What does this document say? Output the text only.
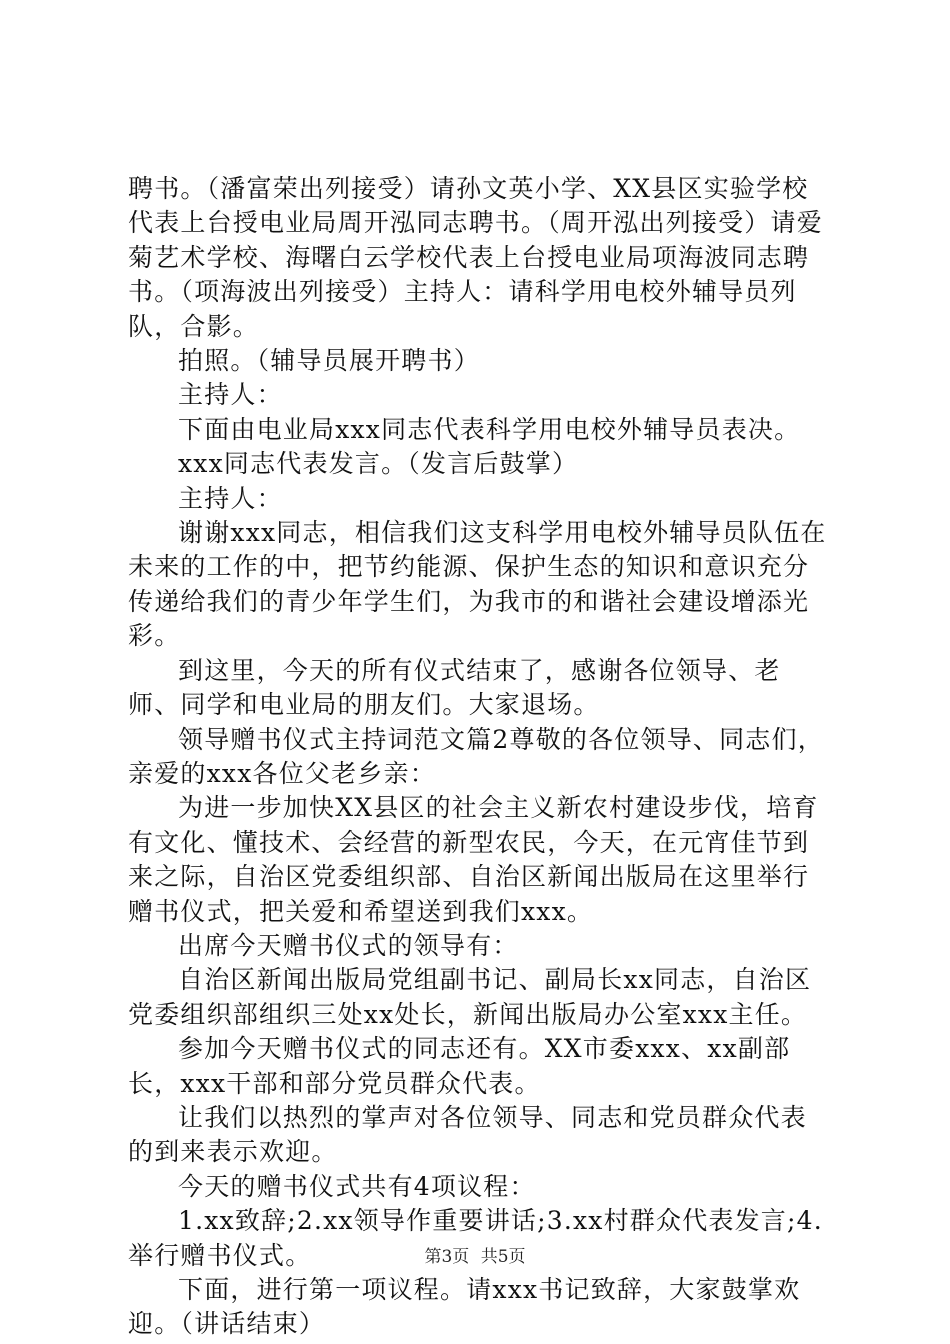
聘书。（潘富荣出列接受）请孙文英小学、XX县区实验学校代表上台授电业局周开泓同志聘书。（周开泓出列接受）请爱菊艺术学校、海曙白云学校代表上台授电业局项海波同志聘书。（项海波出列接受）主持人：请科学用电校外辅导员列队，合影。

拍照。（辅导员展开聘书）

主持人：

下面由电业局xxx同志代表科学用电校外辅导员表决。

xxx同志代表发言。（发言后鼓掌）

主持人：

谢谢xxx同志，相信我们这支科学用电校外辅导员队伍在未来的工作的中，把节约能源、保护生态的知识和意识充分传递给我们的青少年学生们，为我市的和谐社会建设增添光彩。

到这里，今天的所有仪式结束了，感谢各位领导、老师、同学和电业局的朋友们。大家退场。

领导赠书仪式主持词范文篇2尊敬的各位领导、同志们，亲爱的xxx各位父老乡亲：

为进一步加快XX县区的社会主义新农村建设步伐，培育有文化、懂技术、会经营的新型农民，今天，在元宵佳节到来之际，自治区党委组织部、自治区新闻出版局在这里举行赠书仪式，把关爱和希望送到我们xxx。

出席今天赠书仪式的领导有：

自治区新闻出版局党组副书记、副局长xx同志，自治区党委组织部组织三处xx处长，新闻出版局办公室xxx主任。

参加今天赠书仪式的同志还有。XX市委xxx、xx副部长，xxx干部和部分党员群众代表。

让我们以热烈的掌声对各位领导、同志和党员群众代表的到来表示欢迎。

今天的赠书仪式共有4项议程：

1.xx致辞;2.xx领导作重要讲话;3.xx村群众代表发言;4.举行赠书仪式。

下面，进行第一项议程。请xxx书记致辞，大家鼓掌欢迎。（讲话结束）

第3页 共5页
